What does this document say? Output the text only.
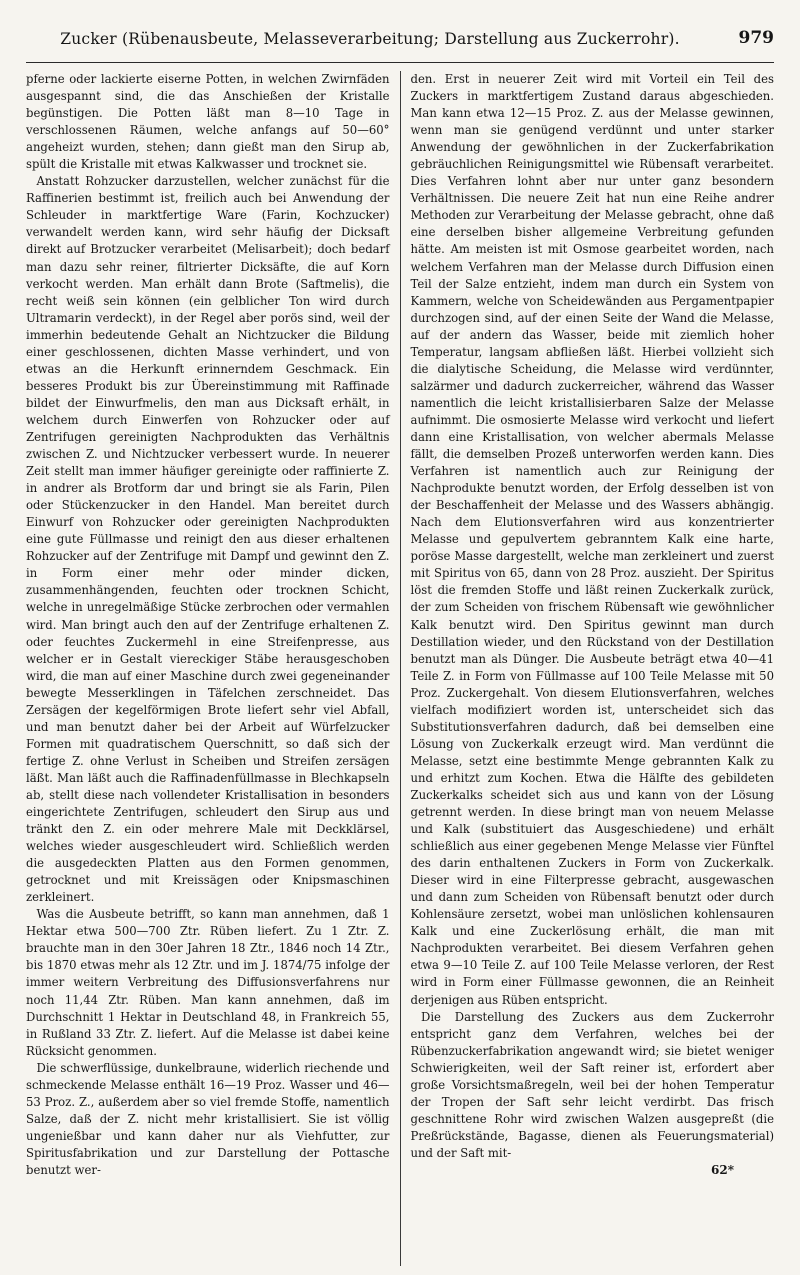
Zucker (Rübenausbeute, Melasseverarbeitung; Darstellung aus Zuckerrohr).	979

pferne oder lackierte eiserne Potten, in welchen Zwirnfäden ausgespannt sind, die das Anschießen der Kristalle begünstigen. Die Potten läßt man 8—10 Tage in verschlossenen Räumen, welche anfangs auf 50—60° angeheizt wurden, stehen; dann gießt man den Sirup ab, spült die Kristalle mit etwas Kalkwasser und trocknet sie.

Anstatt Rohzucker darzustellen, welcher zunächst für die Raffinerien bestimmt ist, freilich auch bei Anwendung der Schleuder in marktfertige Ware (Farin, Kochzucker) verwandelt werden kann, wird sehr häufig der Dicksaft direkt auf Brotzucker verarbeitet (Melisarbeit); doch bedarf man dazu sehr reiner, filtrierter Dicksäfte, die auf Korn verkocht werden. Man erhält dann Brote (Saftmelis), die recht weiß sein können (ein gelblicher Ton wird durch Ultramarin verdeckt), in der Regel aber porös sind, weil der immerhin bedeutende Gehalt an Nichtzucker die Bildung einer geschlossenen, dichten Masse verhindert, und von etwas an die Herkunft erinnerndem Geschmack. Ein besseres Produkt bis zur Übereinstimmung mit Raffinade bildet der Einwurfmelis, den man aus Dicksaft erhält, in welchem durch Einwerfen von Rohzucker oder auf Zentrifugen gereinigten Nachprodukten das Verhältnis zwischen Z. und Nichtzucker verbessert wurde. In neuerer Zeit stellt man immer häufiger gereinigte oder raffinierte Z. in andrer als Brotform dar und bringt sie als Farin, Pilen oder Stückenzucker in den Handel. Man bereitet durch Einwurf von Rohzucker oder gereinigten Nachprodukten eine gute Füllmasse und reinigt den aus dieser erhaltenen Rohzucker auf der Zentrifuge mit Dampf und gewinnt den Z. in Form einer mehr oder minder dicken, zusammenhängenden, feuchten oder trocknen Schicht, welche in unregelmäßige Stücke zerbrochen oder vermahlen wird. Man bringt auch den auf der Zentrifuge erhaltenen Z. oder feuchtes Zuckermehl in eine Streifenpresse, aus welcher er in Gestalt viereckiger Stäbe herausgeschoben wird, die man auf einer Maschine durch zwei gegeneinander bewegte Messerklingen in Täfelchen zerschneidet. Das Zersägen der kegelförmigen Brote liefert sehr viel Abfall, und man benutzt daher bei der Arbeit auf Würfelzucker Formen mit quadratischem Querschnitt, so daß sich der fertige Z. ohne Verlust in Scheiben und Streifen zersägen läßt. Man läßt auch die Raffinadenfüllmasse in Blechkapseln ab, stellt diese nach vollendeter Kristallisation in besonders eingerichtete Zentrifugen, schleudert den Sirup aus und tränkt den Z. ein oder mehrere Male mit Deckklärsel, welches wieder ausgeschleudert wird. Schließlich werden die ausgedeckten Platten aus den Formen genommen, getrocknet und mit Kreissägen oder Knipsmaschinen zerkleinert.

Was die Ausbeute betrifft, so kann man annehmen, daß 1 Hektar etwa 500—700 Ztr. Rüben liefert. Zu 1 Ztr. Z. brauchte man in den 30er Jahren 18 Ztr., 1846 noch 14 Ztr., bis 1870 etwas mehr als 12 Ztr. und im J. 1874/75 infolge der immer weitern Verbreitung des Diffusionsverfahrens nur noch 11,44 Ztr. Rüben. Man kann annehmen, daß im Durchschnitt 1 Hektar in Deutschland 48, in Frankreich 55, in Rußland 33 Ztr. Z. liefert. Auf die Melasse ist dabei keine Rücksicht genommen.

Die schwerflüssige, dunkelbraune, widerlich riechende und schmeckende Melasse enthält 16—19 Proz. Wasser und 46—53 Proz. Z., außerdem aber so viel fremde Stoffe, namentlich Salze, daß der Z. nicht mehr kristallisiert. Sie ist völlig ungenießbar und kann daher nur als Viehfutter, zur Spiritusfabrikation und zur Darstellung der Pottasche benutzt wer-

den. Erst in neuerer Zeit wird mit Vorteil ein Teil des Zuckers in marktfertigem Zustand daraus abgeschieden. Man kann etwa 12—15 Proz. Z. aus der Melasse gewinnen, wenn man sie genügend verdünnt und unter starker Anwendung der gewöhnlichen in der Zuckerfabrikation gebräuchlichen Reinigungsmittel wie Rübensaft verarbeitet. Dies Verfahren lohnt aber nur unter ganz besondern Verhältnissen. Die neuere Zeit hat nun eine Reihe andrer Methoden zur Verarbeitung der Melasse gebracht, ohne daß eine derselben bisher allgemeine Verbreitung gefunden hätte. Am meisten ist mit Osmose gearbeitet worden, nach welchem Verfahren man der Melasse durch Diffusion einen Teil der Salze entzieht, indem man durch ein System von Kammern, welche von Scheidewänden aus Pergamentpapier durchzogen sind, auf der einen Seite der Wand die Melasse, auf der andern das Wasser, beide mit ziemlich hoher Temperatur, langsam abfließen läßt. Hierbei vollzieht sich die dialytische Scheidung, die Melasse wird verdünnter, salzärmer und dadurch zuckerreicher, während das Wasser namentlich die leicht kristallisierbaren Salze der Melasse aufnimmt. Die osmosierte Melasse wird verkocht und liefert dann eine Kristallisation, von welcher abermals Melasse fällt, die demselben Prozeß unterworfen werden kann. Dies Verfahren ist namentlich auch zur Reinigung der Nachprodukte benutzt worden, der Erfolg desselben ist von der Beschaffenheit der Melasse und des Wassers abhängig. Nach dem Elutionsverfahren wird aus konzentrierter Melasse und gepulvertem gebranntem Kalk eine harte, poröse Masse dargestellt, welche man zerkleinert und zuerst mit Spiritus von 65, dann von 28 Proz. auszieht. Der Spiritus löst die fremden Stoffe und läßt reinen Zuckerkalk zurück, der zum Scheiden von frischem Rübensaft wie gewöhnlicher Kalk benutzt wird. Den Spiritus gewinnt man durch Destillation wieder, und den Rückstand von der Destillation benutzt man als Dünger. Die Ausbeute beträgt etwa 40—41 Teile Z. in Form von Füllmasse auf 100 Teile Melasse mit 50 Proz. Zuckergehalt. Von diesem Elutionsverfahren, welches vielfach modifiziert worden ist, unterscheidet sich das Substitutionsverfahren dadurch, daß bei demselben eine Lösung von Zuckerkalk erzeugt wird. Man verdünnt die Melasse, setzt eine bestimmte Menge gebrannten Kalk zu und erhitzt zum Kochen. Etwa die Hälfte des gebildeten Zuckerkalks scheidet sich aus und kann von der Lösung getrennt werden. In diese bringt man von neuem Melasse und Kalk (substituiert das Ausgeschiedene) und erhält schließlich aus einer gegebenen Menge Melasse vier Fünftel des darin enthaltenen Zuckers in Form von Zuckerkalk. Dieser wird in eine Filterpresse gebracht, ausgewaschen und dann zum Scheiden von Rübensaft benutzt oder durch Kohlensäure zersetzt, wobei man unlöslichen kohlensauren Kalk und eine Zuckerlösung erhält, die man mit Nachprodukten verarbeitet. Bei diesem Verfahren gehen etwa 9—10 Teile Z. auf 100 Teile Melasse verloren, der Rest wird in Form einer Füllmasse gewonnen, die an Reinheit derjenigen aus Rüben entspricht.

Die Darstellung des Zuckers aus dem Zuckerrohr entspricht ganz dem Verfahren, welches bei der Rübenzuckerfabrikation angewandt wird; sie bietet weniger Schwierigkeiten, weil der Saft reiner ist, erfordert aber große Vorsichtsmaßregeln, weil bei der hohen Temperatur der Tropen der Saft sehr leicht verdirbt. Das frisch geschnittene Rohr wird zwischen Walzen ausgepreßt (die Preßrückstände, Bagasse, dienen als Feuerungsmaterial) und der Saft mit-

62*
